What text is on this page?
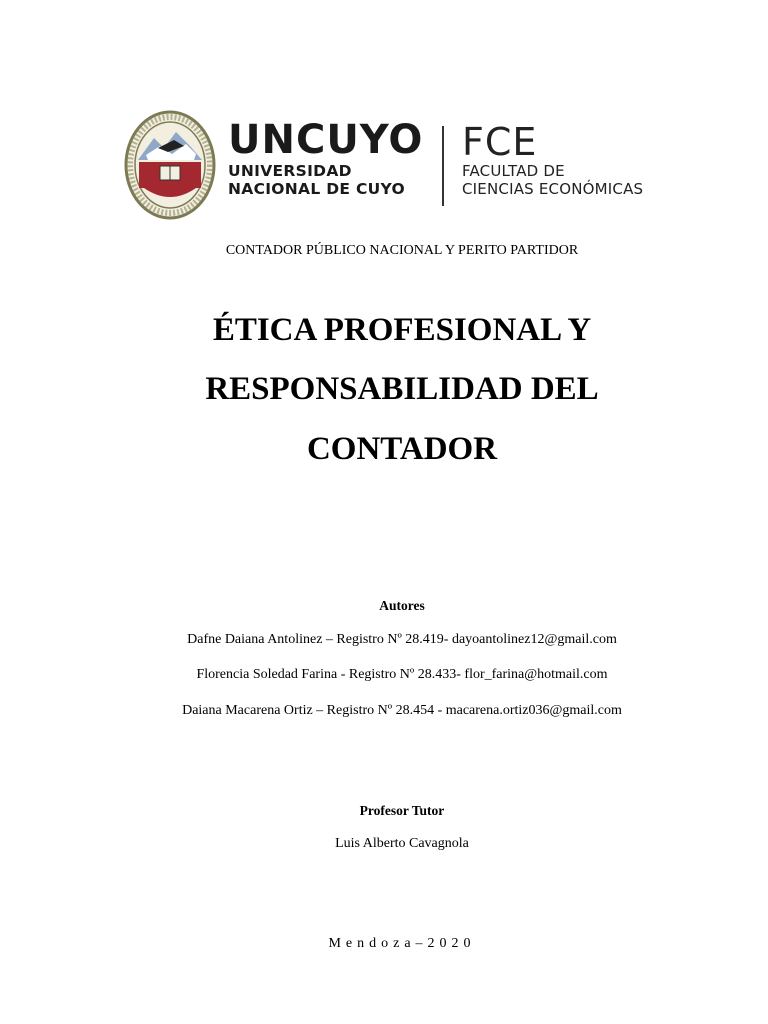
UNCUYO
UNIVERSIDAD
NACIONAL DE CUYO
FCE
FACULTAD DE
CIENCIAS ECONÓMICAS
CONTADOR PÚBLICO NACIONAL Y PERITO PARTIDOR
ÉTICA PROFESIONAL Y
RESPONSABILIDAD DEL
CONTADOR
Autores
Dafne Daiana Antolinez – Registro Nº 28.419- dayoantolinez12@gmail.com
Florencia Soledad Farina - Registro Nº 28.433- flor_farina@hotmail.com
Daiana Macarena Ortiz – Registro Nº 28.454 - macarena.ortiz036@gmail.com
Profesor Tutor
Luis Alberto Cavagnola
Mendoza–2020
